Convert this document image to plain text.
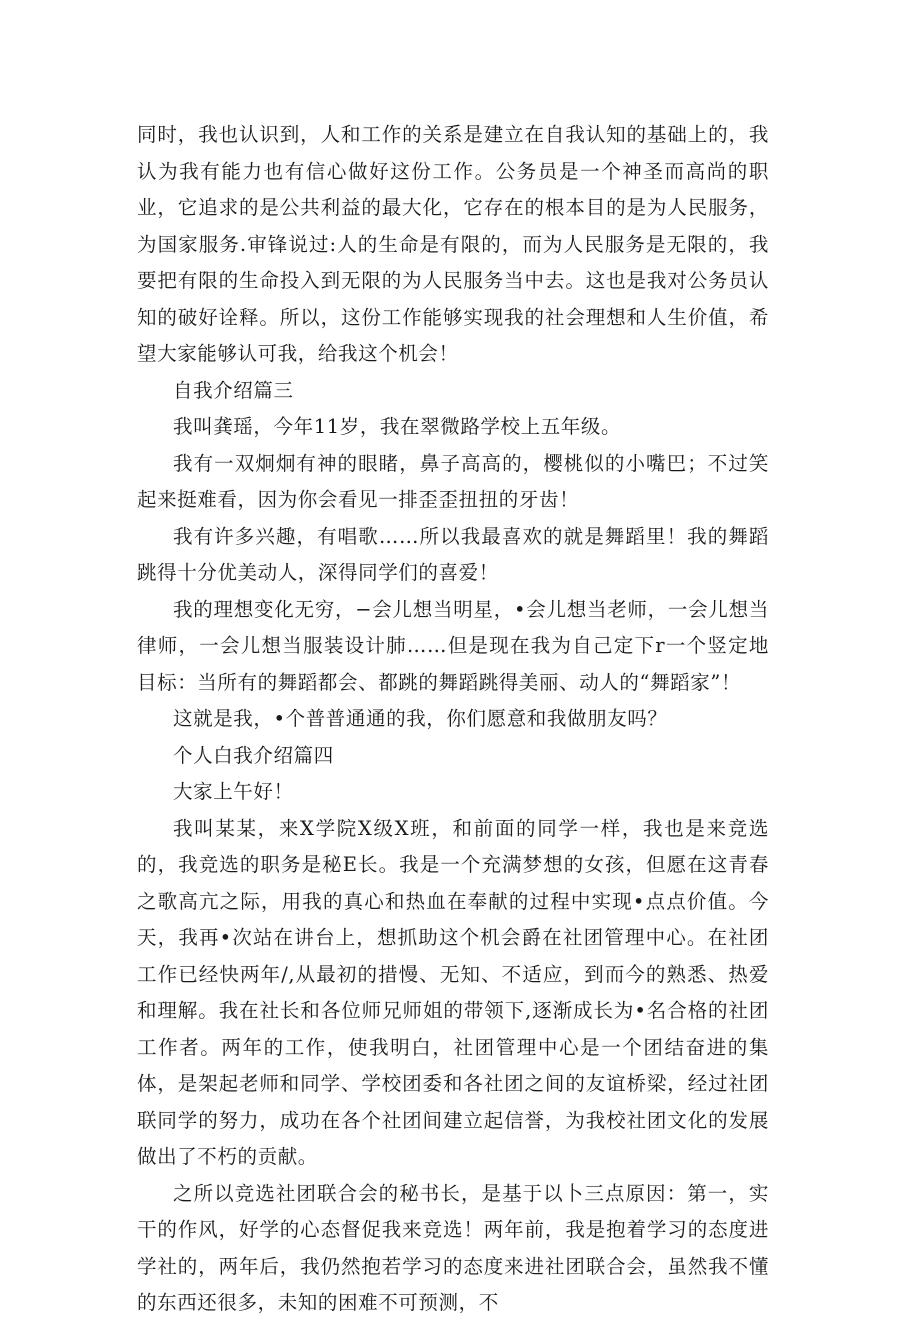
同时，我也认识到，人和工作的关系是建立在自我认知的基础上的，我认为我有能力也有信心做好这份工作。公务员是一个神圣而高尚的职业，它追求的是公共利益的最大化，它存在的根本目的是为人民服务，为国家服务.审锋说过:人的生命是有限的，而为人民服务是无限的，我要把有限的生命投入到无限的为人民服务当中去。这也是我对公务员认知的破好诠释。所以，这份工作能够实现我的社会理想和人生价值，希望大家能够认可我，给我这个机会！

自我介绍篇三

我叫龚瑶，今年11岁，我在翠微路学校上五年级。

我有一双炯炯有神的眼睹，鼻子高高的，樱桃似的小嘴巴；不过笑起来挺难看，因为你会看见一排歪歪扭扭的牙齿！

我有许多兴趣，有唱歌……所以我最喜欢的就是舞蹈里！我的舞蹈跳得十分优美动人，深得同学们的喜爱！

我的理想变化无穷，−会儿想当明星，•会儿想当老师，一会儿想当律师，一会儿想当服装设计肺……但是现在我为自己定下r一个竖定地目标：当所有的舞蹈都会、都跳的舞蹈跳得美丽、动人的“舞蹈家”！

这就是我，•个普普通通的我，你们愿意和我做朋友吗？

个人白我介绍篇四

大家上午好！

我叫某某，来X学院X级X班，和前面的同学一样，我也是来竞选的，我竞选的职务是秘E长。我是一个充满梦想的女孩，但愿在这青春之歌高亢之际，用我的真心和热血在奉献的过程中实现•点点价值。今天，我再•次站在讲台上，想抓助这个机会爵在社团管理中心。在社团工作已经快两年/,从最初的措慢、无知、不适应，到而今的熟悉、热爱和理解。我在社长和各位师兄师姐的带领下,逐渐成长为•名合格的社团工作者。两年的工作，使我明白，社团管理中心是一个团结奋进的集体，是架起老师和同学、学校团委和各社团之间的友谊桥梁，经过社团联同学的努力，成功在各个社团间建立起信誉，为我校社团文化的发展做出了不朽的贡献。

之所以竞选社团联合会的秘书长，是基于以卜三点原因：第一，实干的作风，好学的心态督促我来竞选！两年前，我是抱着学习的态度进学社的，两年后，我仍然抱若学习的态度来进社团联合会，虽然我不懂的东西还很多，未知的困难不可预测，不
